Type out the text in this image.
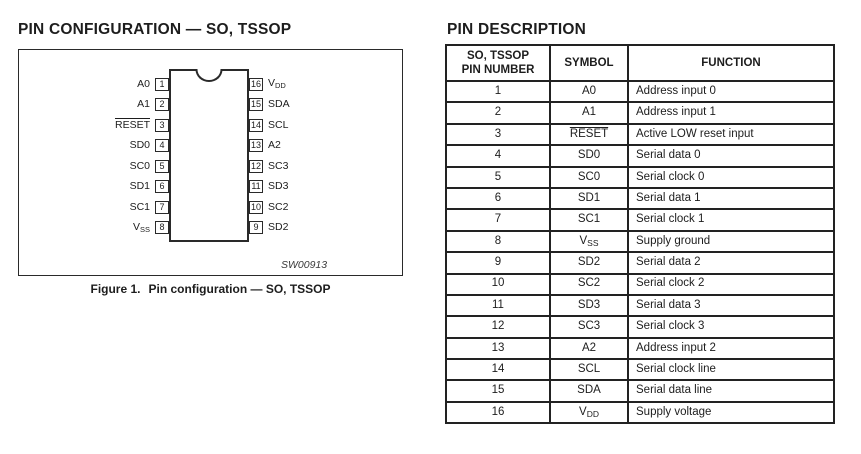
PIN CONFIGURATION — SO, TSSOP
A0	1
A1	2
RESET	3
SD0	4
SC0	5
SD1	6
SC1	7
$V_{SS}$	8
16 $V_{DD}$
15 SDA
14 SCL
13 A2
12 SC3
11 SD3
10 SC2
9 SD2
SW00913
Figure 1. Pin configuration — SO, TSSOP
PIN DESCRIPTION
SO, TSSOP
PIN NUMBER	SYMBOL	FUNCTION
1	A0	Address input 0
2	A1	Address input 1
3	RESET	Active LOW reset input
4	SD0	Serial data 0
5	SC0	Serial clock 0
6	SD1	Serial data 1
7	SC1	Serial clock 1
8	VSS	Supply ground
9	SD2	Serial data 2
10	SC2	Serial clock 2
11	SD3	Serial data 3
12	SC3	Serial clock 3
13	A2	Address input 2
14	SCL	Serial clock line
15	SDA	Serial data line
16	VDD	Supply voltage
